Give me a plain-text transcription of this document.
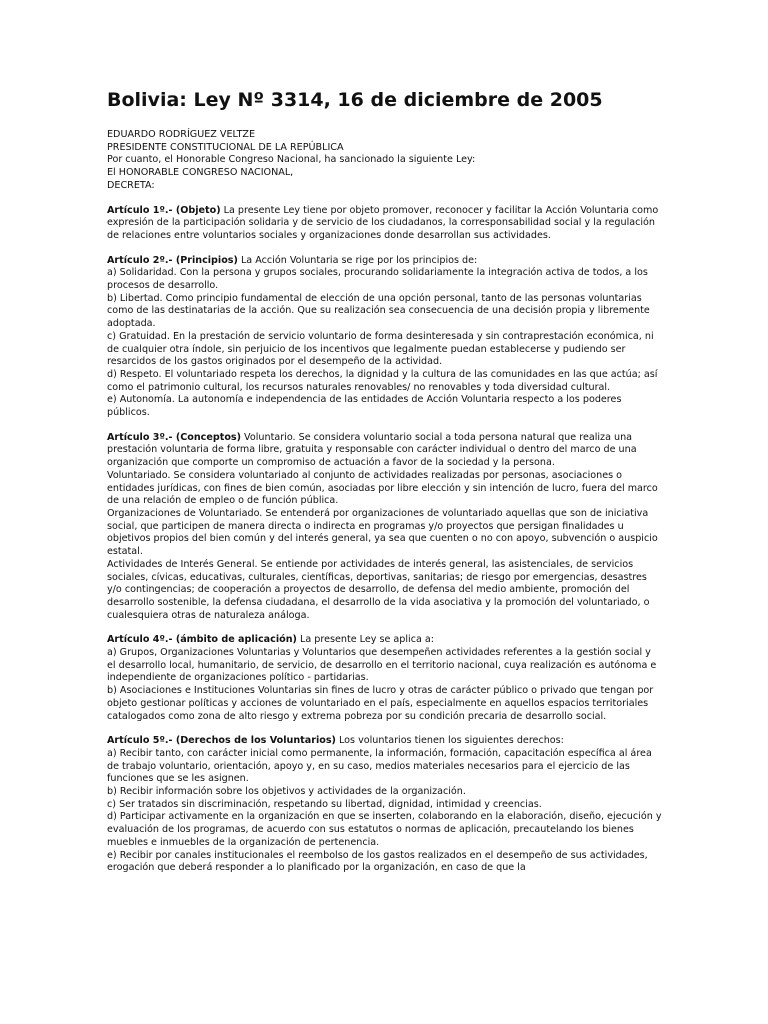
Bolivia: Ley Nº 3314, 16 de diciembre de 2005
EDUARDO RODRÍGUEZ VELTZE
PRESIDENTE CONSTITUCIONAL DE LA REPÚBLICA
Por cuanto, el Honorable Congreso Nacional, ha sancionado la siguiente Ley:
El HONORABLE CONGRESO NACIONAL,
DECRETA:

Artículo 1º.- (Objeto) La presente Ley tiene por objeto promover, reconocer y facilitar la Acción Voluntaria como expresión de la participación solidaria y de servicio de los ciudadanos, la corresponsabilidad social y la regulación de relaciones entre voluntarios sociales y organizaciones donde desarrollan sus actividades.

Artículo 2º.- (Principios) La Acción Voluntaria se rige por los principios de:

a) Solidaridad. Con la persona y grupos sociales, procurando solidariamente la integración activa de todos, a los procesos de desarrollo.

b) Libertad. Como principio fundamental de elección de una opción personal, tanto de las personas voluntarias como de las destinatarias de la acción. Que su realización sea consecuencia de una decisión propia y libremente adoptada.

c) Gratuidad. En la prestación de servicio voluntario de forma desinteresada y sin contraprestación económica, ni de cualquier otra índole, sin perjuicio de los incentivos que legalmente puedan establecerse y pudiendo ser resarcidos de los gastos originados por el desempeño de la actividad.

d) Respeto. El voluntariado respeta los derechos, la dignidad y la cultura de las comunidades en las que actúa; así como el patrimonio cultural, los recursos naturales renovables/ no renovables y toda diversidad cultural.

e) Autonomía. La autonomía e independencia de las entidades de Acción Voluntaria respecto a los poderes públicos.

Artículo 3º.- (Conceptos) Voluntario. Se considera voluntario social a toda persona natural que realiza una prestación voluntaria de forma libre, gratuita y responsable con carácter individual o dentro del marco de una organización que comporte un compromiso de actuación a favor de la sociedad y la persona.

Voluntariado. Se considera voluntariado al conjunto de actividades realizadas por personas, asociaciones o entidades jurídicas, con fines de bien común, asociadas por libre elección y sin intención de lucro, fuera del marco de una relación de empleo o de función pública.

Organizaciones de Voluntariado. Se entenderá por organizaciones de voluntariado aquellas que son de iniciativa social, que participen de manera directa o indirecta en programas y/o proyectos que persigan finalidades u objetivos propios del bien común y del interés general, ya sea que cuenten o no con apoyo, subvención o auspicio estatal.

Actividades de Interés General. Se entiende por actividades de interés general, las asistenciales, de servicios sociales, cívicas, educativas, culturales, científicas, deportivas, sanitarias; de riesgo por emergencias, desastres y/o contingencias; de cooperación a proyectos de desarrollo, de defensa del medio ambiente, promoción del desarrollo sostenible, la defensa ciudadana, el desarrollo de la vida asociativa y la promoción del voluntariado, o cualesquiera otras de naturaleza análoga.

Artículo 4º.- (ámbito de aplicación) La presente Ley se aplica a:

a) Grupos, Organizaciones Voluntarias y Voluntarios que desempeñen actividades referentes a la gestión social y el desarrollo local, humanitario, de servicio, de desarrollo en el territorio nacional, cuya realización es autónoma e independiente de organizaciones político - partidarias.

b) Asociaciones e Instituciones Voluntarias sin fines de lucro y otras de carácter público o privado que tengan por objeto gestionar políticas y acciones de voluntariado en el país, especialmente en aquellos espacios territoriales catalogados como zona de alto riesgo y extrema pobreza por su condición precaria de desarrollo social.

Artículo 5º.- (Derechos de los Voluntarios) Los voluntarios tienen los siguientes derechos:

a) Recibir tanto, con carácter inicial como permanente, la información, formación, capacitación específica al área de trabajo voluntario, orientación, apoyo y, en su caso, medios materiales necesarios para el ejercicio de las funciones que se les asignen.

b) Recibir información sobre los objetivos y actividades de la organización.

c) Ser tratados sin discriminación, respetando su libertad, dignidad, intimidad y creencias.

d) Participar activamente en la organización en que se inserten, colaborando en la elaboración, diseño, ejecución y evaluación de los programas, de acuerdo con sus estatutos o normas de aplicación, precautelando los bienes muebles e inmuebles de la organización de pertenencia.

e) Recibir por canales institucionales el reembolso de los gastos realizados en el desempeño de sus actividades, erogación que deberá responder a lo planificado por la organización, en caso de que la
